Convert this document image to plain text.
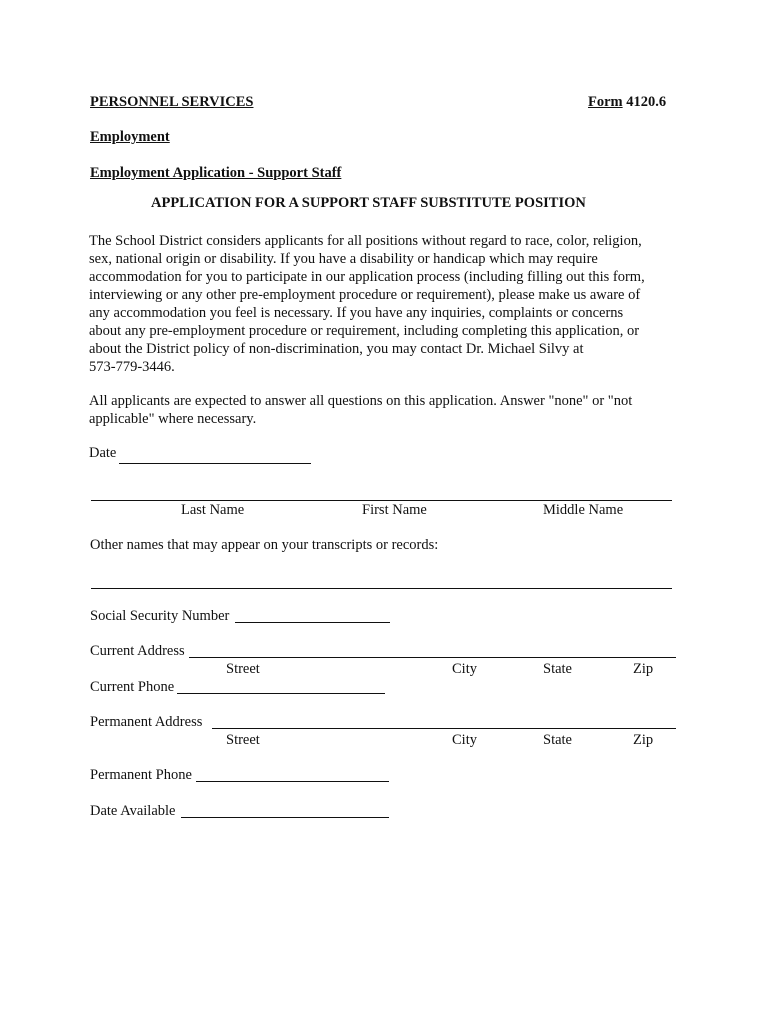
PERSONNEL SERVICES	Form 4120.6
Employment
Employment Application - Support Staff
APPLICATION FOR A SUPPORT STAFF SUBSTITUTE POSITION
The School District considers applicants for all positions without regard to race, color, religion,
sex, national origin or disability. If you have a disability or handicap which may require
accommodation for you to participate in our application process (including filling out this form,
interviewing or any other pre-employment procedure or requirement), please make us aware of
any accommodation you feel is necessary. If you have any inquiries, complaints or concerns
about any pre-employment procedure or requirement, including completing this application, or
about the District policy of non-discrimination, you may contact Dr. Michael Silvy at
573-779-3446.
All applicants are expected to answer all questions on this application. Answer "none" or "not
applicable" where necessary.
Date
Last Name	First Name	Middle Name
Other names that may appear on your transcripts or records:
Social Security Number
Current Address
Street	City	State	Zip
Current Phone
Permanent Address
Street	City	State	Zip
Permanent Phone
Date Available
